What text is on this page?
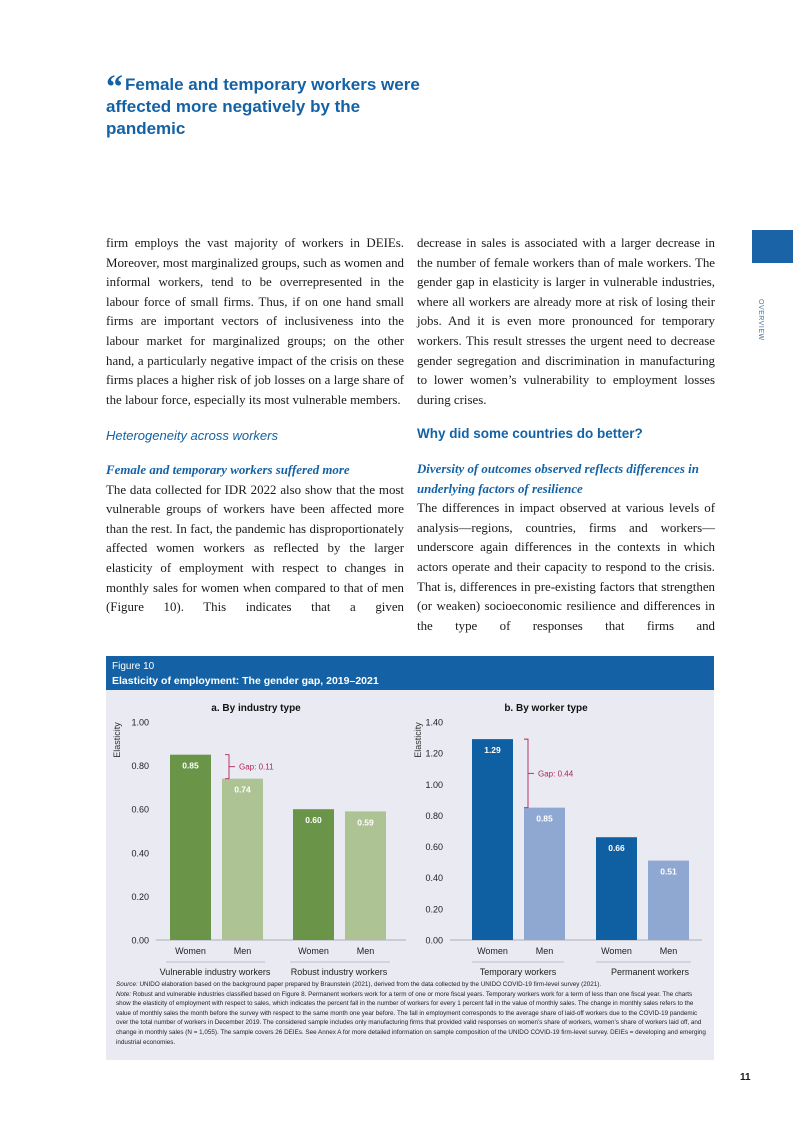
“ Female and temporary workers were affected more negatively by the pandemic
OVERVIEW

firm employs the vast majority of workers in DEIEs. Moreover, most marginalized groups, such as women and informal workers, tend to be overrepresented in the labour force of small firms. Thus, if on one hand small firms are important vectors of inclusiveness into the labour market for marginalized groups; on the other hand, a particularly negative impact of the crisis on these firms places a higher risk of job losses on a large share of the labour force, especially its most vulnerable members.

Heterogeneity across workers
Female and temporary workers suffered more

The data collected for IDR 2022 also show that the most vulnerable groups of workers have been affected more than the rest. In fact, the pandemic has disproportionately affected women workers as reflected by the larger elasticity of employment with respect to changes in monthly sales for women when compared to that of men (Figure 10). This indicates that a given

decrease in sales is associated with a larger decrease in the number of female workers than of male workers. The gender gap in elasticity is larger in vulnerable industries, where all workers are already more at risk of losing their jobs. And it is even more pronounced for temporary workers. This result stresses the urgent need to decrease gender segregation and discrimination in manufacturing to lower women’s vulnerability to employment losses during crises.

Why did some countries do better?
Diversity of outcomes observed reflects differences in underlying factors of resilience

The differences in impact observed at various levels of analysis—regions, countries, firms and workers—underscore again differences in the contexts in which actors operate and their capacity to respond to the crisis. That is, differences in pre-existing factors that strengthen (or weaken) socioeconomic resilience and differences in the type of responses that firms and

Figure 10
Elasticity of employment: The gender gap, 2019–2021
a. By industry type
Elasticity
0.00
0.20
0.40
0.60
0.80
1.00
0.85
Women
0.74
Men
Vulnerable industry workers
0.60
Women
0.59
Men
Robust industry workers
Gap: 0.11
b. By worker type
Elasticity
0.00
0.20
0.40
0.60
0.80
1.00
1.20
1.40
1.29
Women
0.85
Men
Temporary workers
0.66
Women
0.51
Men
Permanent workers
Gap: 0.44

Source: UNIDO elaboration based on the background paper prepared by Braunstein (2021), derived from the data collected by the UNIDO COVID-19 firm-level survey (2021).

Note: Robust and vulnerable industries classified based on Figure 8. Permanent workers work for a term of one or more fiscal years. Temporary workers work for a term of less than one fiscal year. The charts show the elasticity of employment with respect to sales, which indicates the percent fall in the number of workers for every 1 percent fall in the value of monthly sales. The change in monthly sales refers to the value of monthly sales the month before the survey with respect to the same month one year before. The fall in employment corresponds to the average share of laid-off workers due to the COVID-19 pandemic over the total number of workers in December 2019. The considered sample includes only manufacturing firms that provided valid responses on women’s share of workers, women’s share of workers laid off, and change in monthly sales (N = 1,055). The sample covers 26 DEIEs. See Annex A for more detailed information on sample composition of the UNIDO COVID-19 firm-level survey. DEIEs = developing and emerging industrial economies.

11
